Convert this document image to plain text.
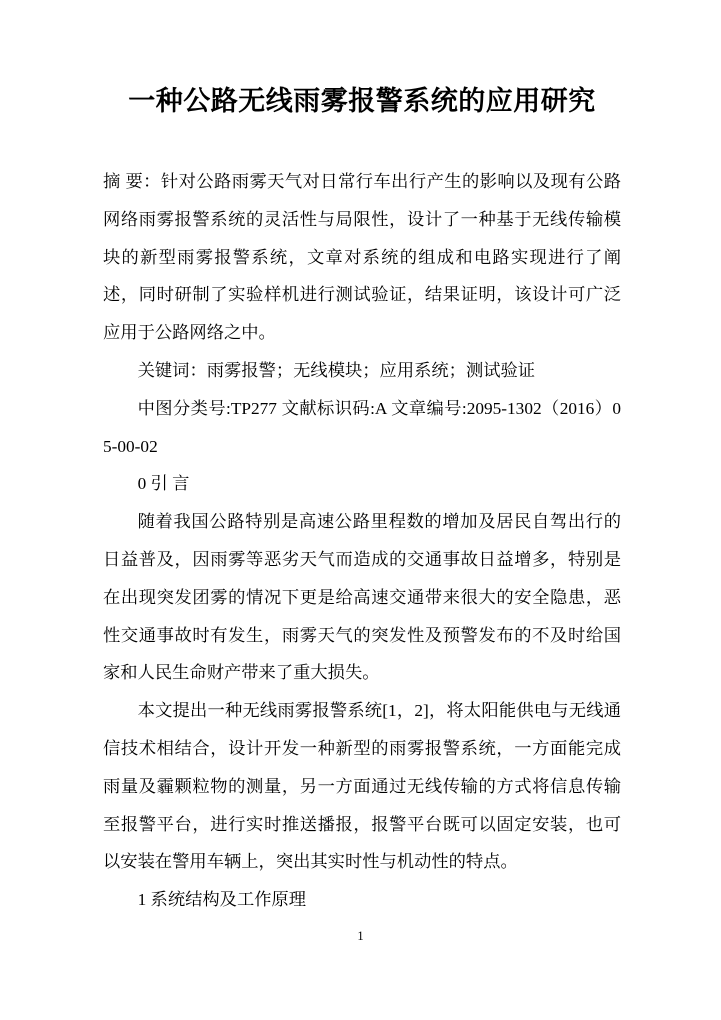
一种公路无线雨雾报警系统的应用研究

摘 要：针对公路雨雾天气对日常行车出行产生的影响以及现有公路网络雨雾报警系统的灵活性与局限性，设计了一种基于无线传输模块的新型雨雾报警系统，文章对系统的组成和电路实现进行了阐述，同时研制了实验样机进行测试验证，结果证明，该设计可广泛应用于公路网络之中。

关键词：雨雾报警；无线模块；应用系统；测试验证

中图分类号:TP277 文献标识码:A 文章编号:2095-1302（2016）05-00-02

0 引 言

随着我国公路特别是高速公路里程数的增加及居民自驾出行的日益普及，因雨雾等恶劣天气而造成的交通事故日益增多，特别是在出现突发团雾的情况下更是给高速交通带来很大的安全隐患，恶性交通事故时有发生，雨雾天气的突发性及预警发布的不及时给国家和人民生命财产带来了重大损失。

本文提出一种无线雨雾报警系统[1，2]，将太阳能供电与无线通信技术相结合，设计开发一种新型的雨雾报警系统，一方面能完成雨量及霾颗粒物的测量，另一方面通过无线传输的方式将信息传输至报警平台，进行实时推送播报，报警平台既可以固定安装，也可以安装在警用车辆上，突出其实时性与机动性的特点。

1 系统结构及工作原理

1
